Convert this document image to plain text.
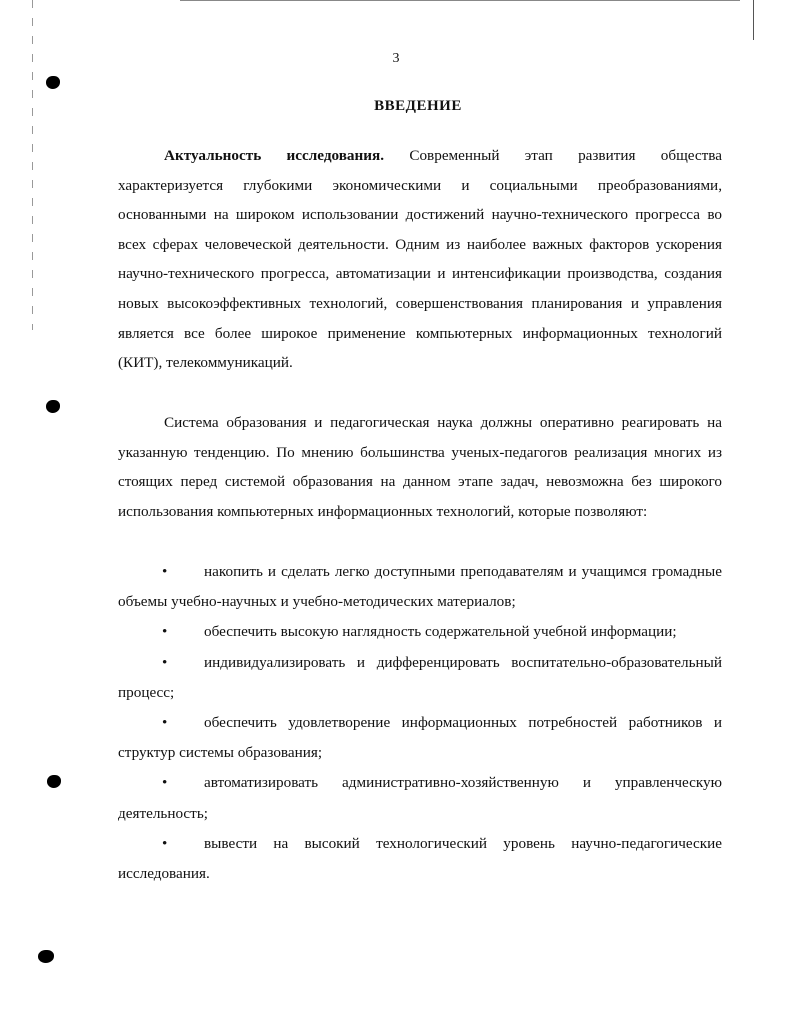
3
ВВЕДЕНИЕ

Актуальность исследования. Современный этап развития общества характеризуется глубокими экономическими и социальными преобразованиями, основанными на широком использовании достижений научно-технического прогресса во всех сферах человеческой деятельности. Одним из наиболее важных факторов ускорения научно-технического прогресса, автоматизации и интенсификации производства, создания новых высокоэффективных технологий, совершенствования планирования и управления является все более широкое применение компьютерных информационных технологий (КИТ), телекоммуникаций.

Система образования и педагогическая наука должны оперативно реагировать на указанную тенденцию. По мнению большинства ученых-педагогов реализация многих из стоящих перед системой образования на данном этапе задач, невозможна без широкого использования компьютерных информационных технологий, которые позволяют:

• накопить и сделать легко доступными преподавателям и учащимся громадные объемы учебно-научных и учебно-методических материалов;

• обеспечить высокую наглядность содержательной учебной информации;

• индивидуализировать и дифференцировать воспитательно-образовательный процесс;

• обеспечить удовлетворение информационных потребностей работников и структур системы образования;

• автоматизировать административно-хозяйственную и управленческую деятельность;

• вывести на высокий технологический уровень научно-педагогические исследования.
